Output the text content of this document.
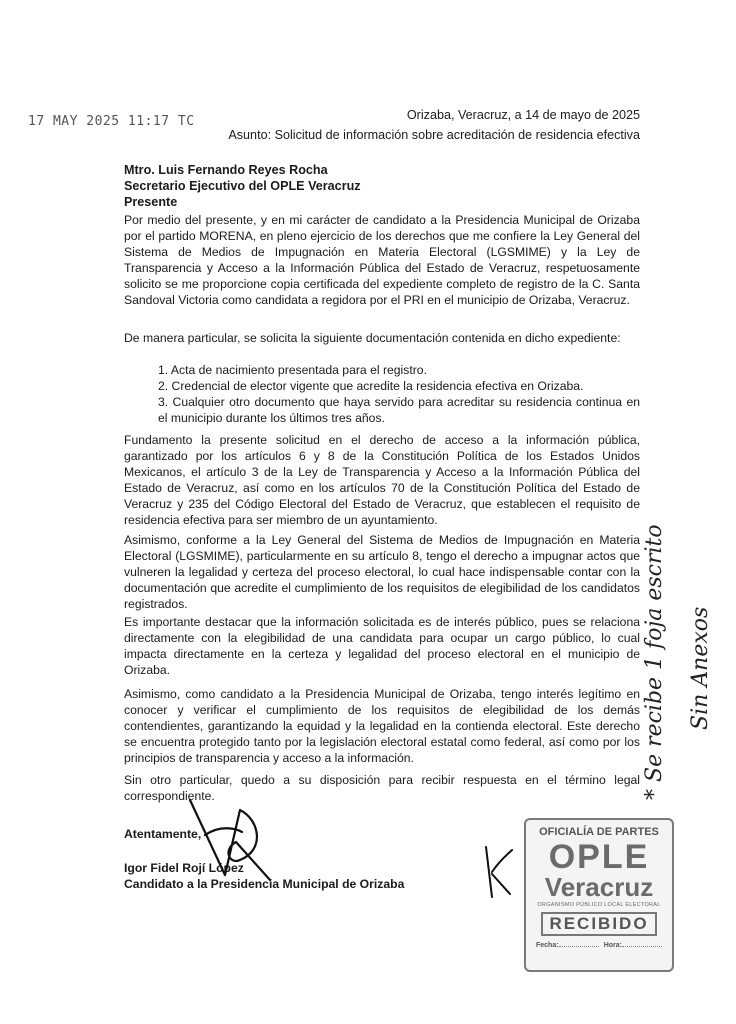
17 MAY 2025 11:17 TC	Orizaba, Veracruz, a 14 de mayo de 2025
Asunto: Solicitud de información sobre acreditación de residencia efectiva
Mtro. Luis Fernando Reyes Rocha
Secretario Ejecutivo del OPLE Veracruz
Presente

Por medio del presente, y en mi carácter de candidato a la Presidencia Municipal de Orizaba por el partido MORENA, en pleno ejercicio de los derechos que me confiere la Ley General del Sistema de Medios de Impugnación en Materia Electoral (LGSMIME) y la Ley de Transparencia y Acceso a la Información Pública del Estado de Veracruz, respetuosamente solicito se me proporcione copia certificada del expediente completo de registro de la C. Santa Sandoval Victoria como candidata a regidora por el PRI en el municipio de Orizaba, Veracruz.

De manera particular, se solicita la siguiente documentación contenida en dicho expediente:

1. Acta de nacimiento presentada para el registro.
2. Credencial de elector vigente que acredite la residencia efectiva en Orizaba.
3. Cualquier otro documento que haya servido para acreditar su residencia continua en el municipio durante los últimos tres años.

Fundamento la presente solicitud en el derecho de acceso a la información pública, garantizado por los artículos 6 y 8 de la Constitución Política de los Estados Unidos Mexicanos, el artículo 3 de la Ley de Transparencia y Acceso a la Información Pública del Estado de Veracruz, así como en los artículos 70 de la Constitución Política del Estado de Veracruz y 235 del Código Electoral del Estado de Veracruz, que establecen el requisito de residencia efectiva para ser miembro de un ayuntamiento.

Asimismo, conforme a la Ley General del Sistema de Medios de Impugnación en Materia Electoral (LGSMIME), particularmente en su artículo 8, tengo el derecho a impugnar actos que vulneren la legalidad y certeza del proceso electoral, lo cual hace indispensable contar con la documentación que acredite el cumplimiento de los requisitos de elegibilidad de los candidatos registrados.

Es importante destacar que la información solicitada es de interés público, pues se relaciona directamente con la elegibilidad de una candidata para ocupar un cargo público, lo cual impacta directamente en la certeza y legalidad del proceso electoral en el municipio de Orizaba.

Asimismo, como candidato a la Presidencia Municipal de Orizaba, tengo interés legítimo en conocer y verificar el cumplimiento de los requisitos de elegibilidad de los demás contendientes, garantizando la equidad y la legalidad en la contienda electoral. Este derecho se encuentra protegido tanto por la legislación electoral estatal como federal, así como por los principios de transparencia y acceso a la información.

Sin otro particular, quedo a su disposición para recibir respuesta en el término legal correspondiente.

Atentamente,
Igor Fidel Rojí López
Candidato a la Presidencia Municipal de Orizaba
* Se recibe 1 foja escrito Sin Anexos
OFICIALÍA DE PARTES
OPLE
Veracruz
ORGANISMO PÚBLICO LOCAL ELECTORAL
RECIBIDO
Fecha:	Hora:
